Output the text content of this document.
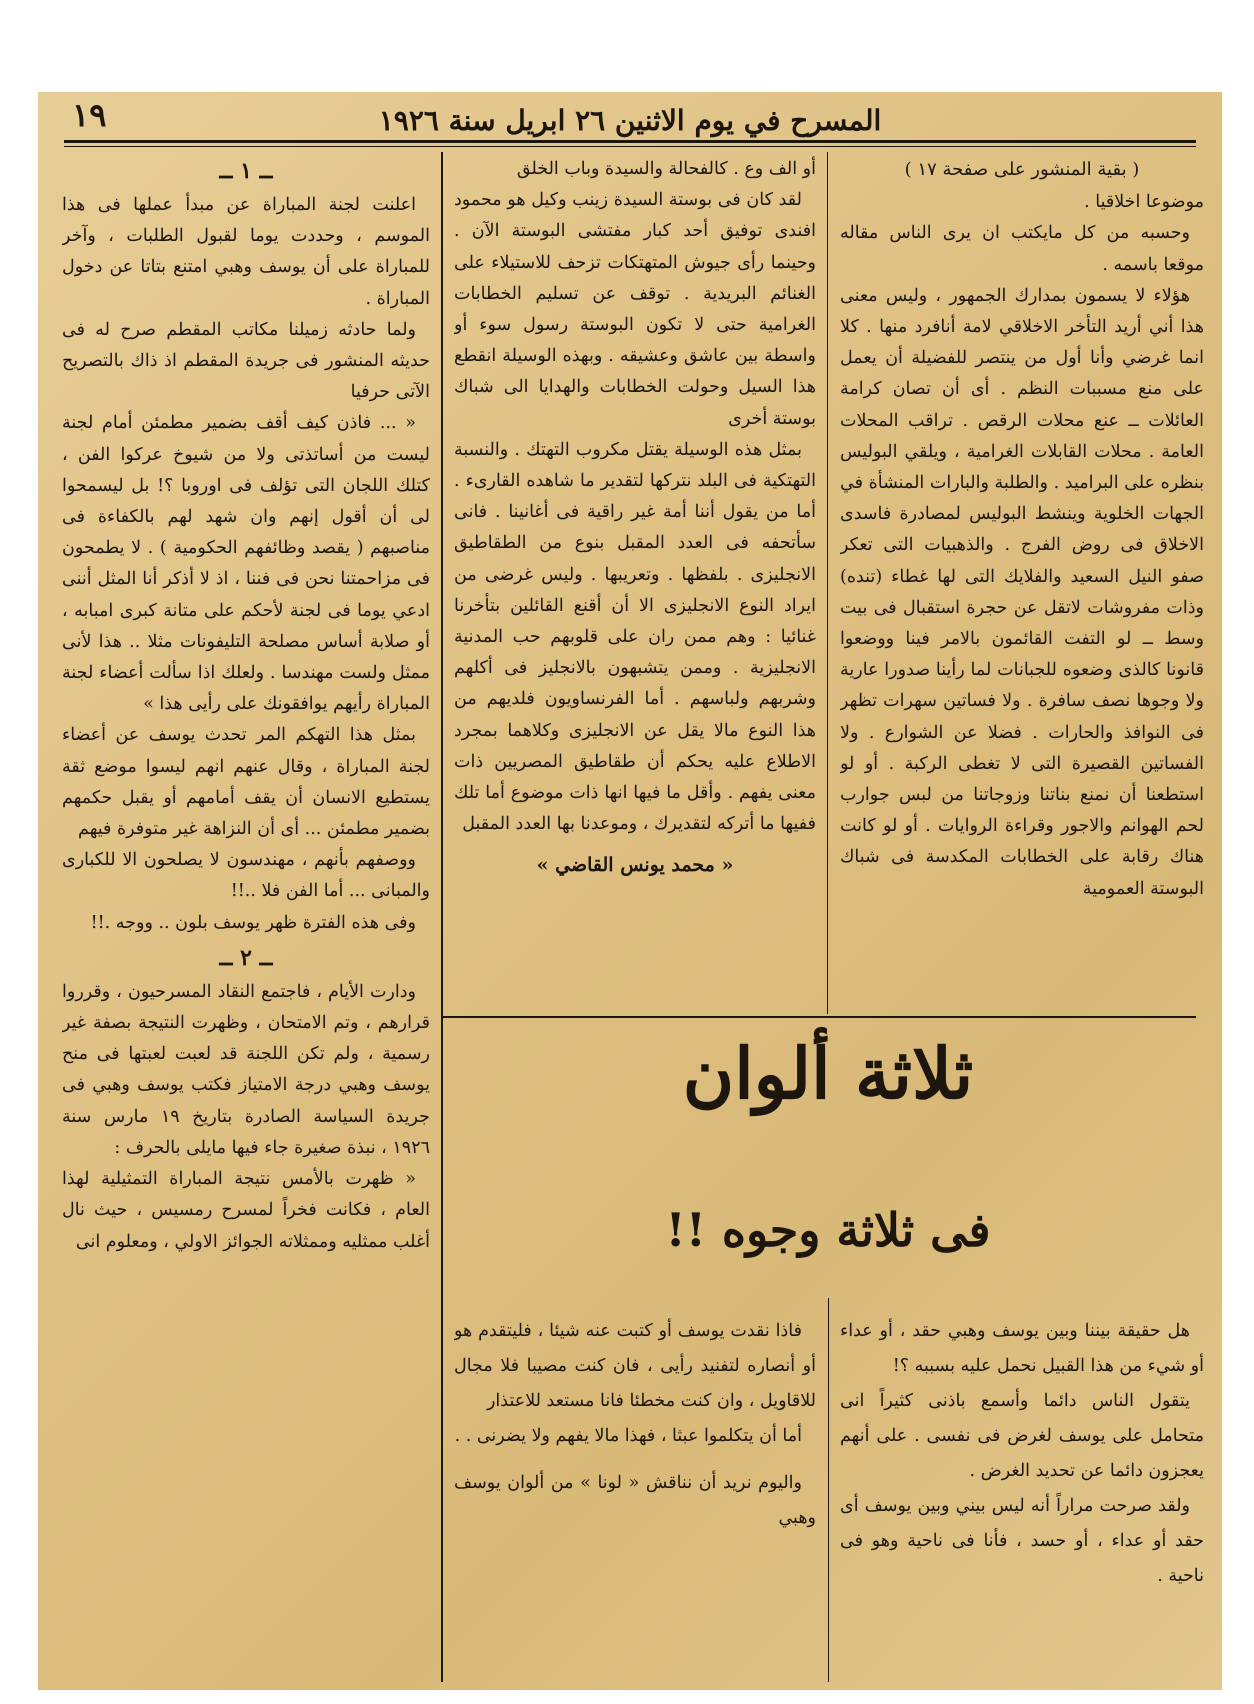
المسرح في يوم الاثنين ٢٦ ابريل سنة ١٩٢٦
١٩
( بقية المنشور على صفحة ١٧ )

موضوعا اخلاقيا .

وحسبه من كل مايكتب ان يرى الناس مقاله موقعا باسمه .

هؤلاء لا يسمون بمدارك الجمهور ، وليس معنى هذا أني أريد التأخر الاخلاقي لامة أنافرد منها . كلا انما غرضي وأنا أول من ينتصر للفضيلة أن يعمل على منع مسببات النظم . أى أن تصان كرامة العائلات ــ عنع محلات الرقص . تراقب المحلات العامة . محلات القابلات الغرامية ، ويلقي البوليس بنظره على البراميد . والطلبة والبارات المنشأة في الجهات الخلوية وينشط البوليس لمصادرة فاسدى الاخلاق فى روض الفرج . والذهبيات التى تعكر صفو النيل السعيد والفلايك التى لها غطاء (تنده) وذات مفروشات لاتقل عن حجرة استقبال فى بيت وسط ــ لو التفت القائمون بالامر فينا ووضعوا قانونا كالذى وضعوه للجبانات لما رأينا صدورا عارية ولا وجوها نصف سافرة . ولا فساتين سهرات تظهر فى النوافذ والحارات . فضلا عن الشوارع . ولا الفساتين القصيرة التى لا تغطى الركبة . أو لو استطعنا أن نمنع بناتنا وزوجاتنا من لبس جوارب لحم الهوانم والاجور وقراءة الروايات . أو لو كانت هناك رقابة على الخطابات المكدسة فى شباك البوستة العمومية

أو الف وع . كالفحالة والسيدة وباب الخلق

لقد كان فى بوستة السيدة زينب وكيل هو محمود افندى توفيق أحد كبار مفتشى البوستة الآن . وحينما رأى جيوش المتهتكات تزحف للاستيلاء على الغنائم البريدية . توقف عن تسليم الخطابات الغرامية حتى لا تكون البوستة رسول سوء أو واسطة بين عاشق وعشيقه . وبهذه الوسيلة انقطع هذا السيل وحولت الخطابات والهدايا الى شباك بوستة أخرى

بمثل هذه الوسيلة يقتل مكروب التهتك . والنسبة التهتكية فى البلد نتركها لتقدير ما شاهده القارىء . أما من يقول أننا أمة غير راقية فى أغانينا . فانى سأتحفه فى العدد المقبل بنوع من الطقاطيق الانجليزى . بلفظها . وتعريبها . وليس غرضى من ايراد النوع الانجليزى الا أن أقنع القائلين بتأخرنا غنائيا : وهم ممن ران على قلوبهم حب المدنية الانجليزية . وممن يتشبهون بالانجليز فى أكلهم وشربهم ولباسهم . أما الفرنساويون فلديهم من هذا النوع مالا يقل عن الانجليزى وكلاهما بمجرد الاطلاع عليه يحكم أن طقاطيق المصريين ذات معنى يفهم . وأقل ما فيها انها ذات موضوع أما تلك ففيها ما أتركه لتقديرك ، وموعدنا بها العدد المقبل

« محمد يونس القاضي »
ــ ١ ــ

اعلنت لجنة المباراة عن مبدأ عملها فى هذا الموسم ، وحددت يوما لقبول الطلبات ، وآخر للمباراة على أن يوسف وهبي امتنع بتاتا عن دخول المباراة .

ولما حادثه زميلنا مكاتب المقطم صرح له فى حديثه المنشور فى جريدة المقطم اذ ذاك بالتصريح الآتى حرفيا

« ... فاذن كيف أقف بضمير مطمئن أمام لجنة ليست من أساتذتى ولا من شيوخ عركوا الفن ، كتلك اللجان التى تؤلف فى اوروبا ؟! بل ليسمحوا لى أن أقول إنهم وان شهد لهم بالكفاءة فى مناصبهم ( يقصد وظائفهم الحكومية ) . لا يطمحون فى مزاحمتنا نحن فى فننا ، اذ لا أذكر أنا المثل أننى ادعي يوما فى لجنة لأحكم على متانة كبرى امبابه ، أو صلابة أساس مصلحة التليفونات مثلا .. هذا لأنى ممثل ولست مهندسا . ولعلك اذا سألت أعضاء لجنة المباراة رأيهم يوافقونك على رأيى هذا »

بمثل هذا التهكم المر تحدث يوسف عن أعضاء لجنة المباراة ، وقال عنهم انهم ليسوا موضع ثقة يستطيع الانسان أن يقف أمامهم أو يقبل حكمهم بضمير مطمئن ... أى أن النزاهة غير متوفرة فيهم

ووصفهم بأنهم ، مهندسون لا يصلحون الا للكبارى والمبانى ... أما الفن فلا ..!!

وفى هذه الفترة ظهر يوسف بلون .. ووجه .!!

ــ ٢ ــ

ودارت الأيام ، فاجتمع النقاد المسرحيون ، وقرروا قرارهم ، وتم الامتحان ، وظهرت النتيجة بصفة غير رسمية ، ولم تكن اللجنة قد لعبت لعبتها فى منح يوسف وهبي درجة الامتياز فكتب يوسف وهبي فى جريدة السياسة الصادرة بتاريخ ١٩ مارس سنة ١٩٢٦ ، نبذة صغيرة جاء فيها مايلى بالحرف :

« ظهرت بالأمس نتيجة المباراة التمثيلية لهذا العام ، فكانت فخراً لمسرح رمسيس ، حيث نال أغلب ممثليه وممثلاته الجوائز الاولي ، ومعلوم انى

ثلاثة ألوان
فى ثلاثة وجوه !!

هل حقيقة بيننا وبين يوسف وهبي حقد ، أو عداء أو شيء من هذا القبيل نحمل عليه بسببه ؟!

يتقول الناس دائما وأسمع باذنى كثيراً انى متحامل على يوسف لغرض فى نفسى . على أنهم يعجزون دائما عن تحديد الغرض .

ولقد صرحت مراراً أنه ليس بيني وبين يوسف أى حقد أو عداء ، أو حسد ، فأنا فى ناحية وهو فى ناحية .

فاذا نقدت يوسف أو كتبت عنه شيئا ، فليتقدم هو أو أنصاره لتفنيد رأيى ، فان كنت مصيبا فلا مجال للاقاويل ، وان كنت مخطئا فانا مستعد للاعتذار

أما أن يتكلموا عبثا ، فهذا مالا يفهم ولا يضرنى . .

واليوم نريد أن نناقش « لونا » من ألوان يوسف وهبي
